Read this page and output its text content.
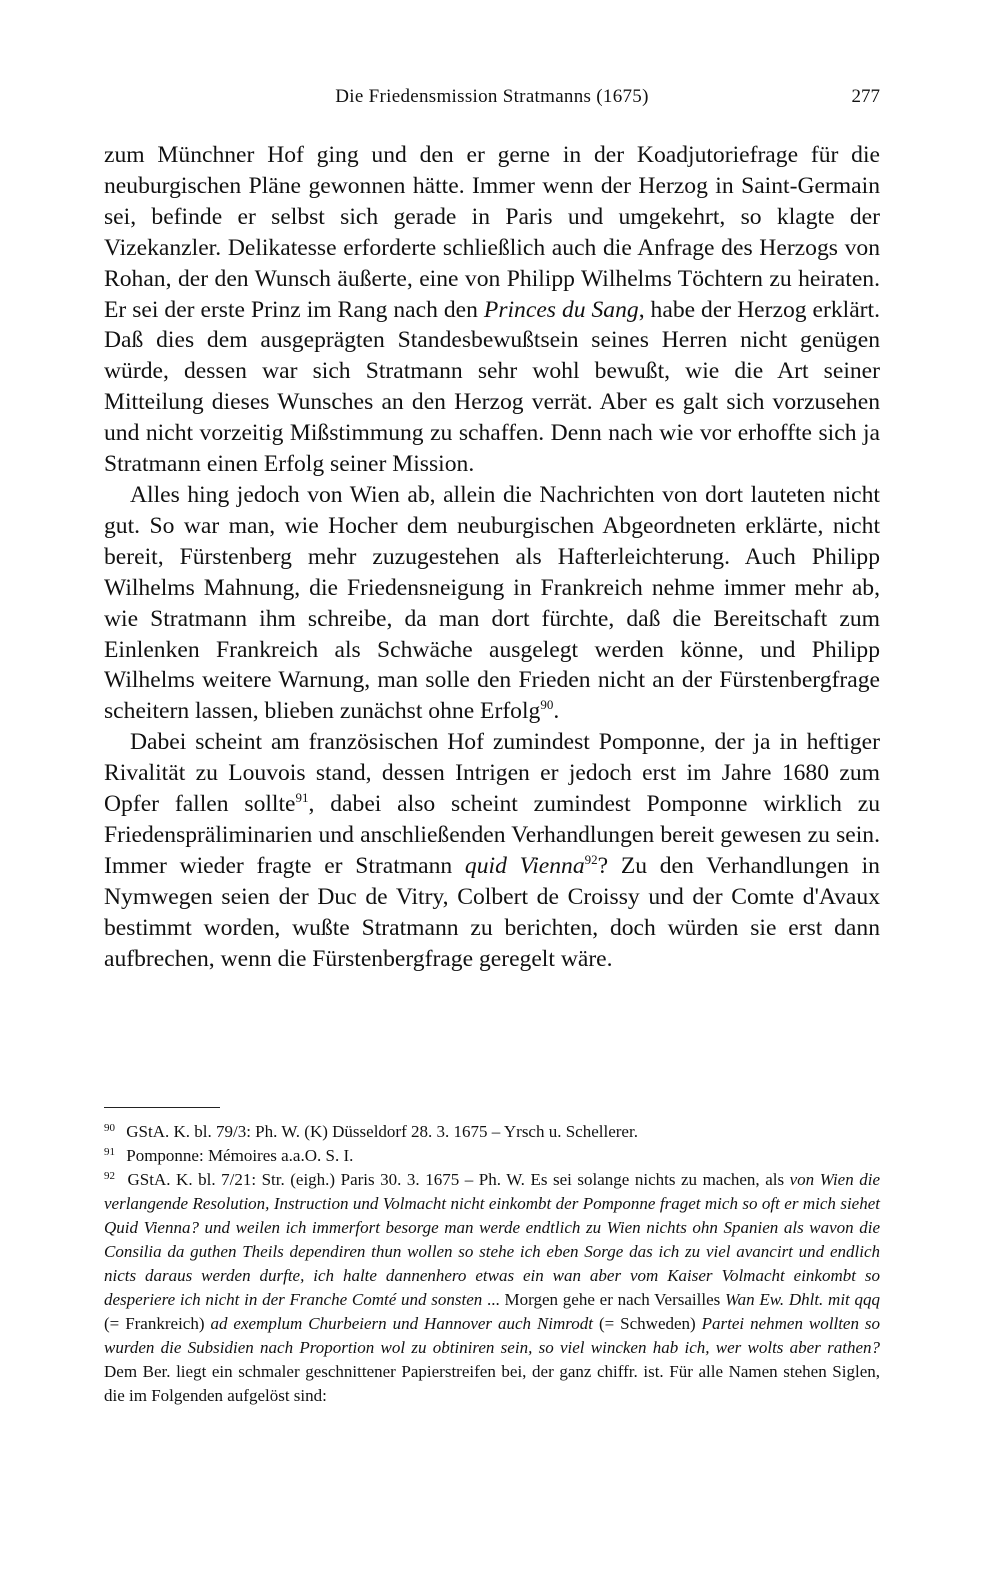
Die Friedensmission Stratmanns (1675)	277

zum Münchner Hof ging und den er gerne in der Koadjutoriefrage für die neuburgischen Pläne gewonnen hätte. Immer wenn der Herzog in Saint-Germain sei, befinde er selbst sich gerade in Paris und umgekehrt, so klagte der Vizekanzler. Delikatesse erforderte schließlich auch die Anfrage des Herzogs von Rohan, der den Wunsch äußerte, eine von Philipp Wilhelms Töchtern zu heiraten. Er sei der erste Prinz im Rang nach den Princes du Sang, habe der Herzog erklärt. Daß dies dem ausgeprägten Standesbewußtsein seines Herren nicht genügen würde, dessen war sich Stratmann sehr wohl bewußt, wie die Art seiner Mitteilung dieses Wunsches an den Herzog verrät. Aber es galt sich vorzusehen und nicht vorzeitig Mißstimmung zu schaffen. Denn nach wie vor erhoffte sich ja Stratmann einen Erfolg seiner Mission.

Alles hing jedoch von Wien ab, allein die Nachrichten von dort lauteten nicht gut. So war man, wie Hocher dem neuburgischen Abgeordneten erklärte, nicht bereit, Fürstenberg mehr zuzugestehen als Hafterleichterung. Auch Philipp Wilhelms Mahnung, die Friedensneigung in Frankreich nehme immer mehr ab, wie Stratmann ihm schreibe, da man dort fürchte, daß die Bereitschaft zum Einlenken Frankreich als Schwäche ausgelegt werden könne, und Philipp Wilhelms weitere Warnung, man solle den Frieden nicht an der Fürstenbergfrage scheitern lassen, blieben zunächst ohne Erfolg$^{90}$.

Dabei scheint am französischen Hof zumindest Pomponne, der ja in heftiger Rivalität zu Louvois stand, dessen Intrigen er jedoch erst im Jahre 1680 zum Opfer fallen sollte$^{91}$, dabei also scheint zumindest Pomponne wirklich zu Friedenspräliminarien und anschließenden Verhandlungen bereit gewesen zu sein. Immer wieder fragte er Stratmann quid Vienna$^{92}$? Zu den Verhandlungen in Nymwegen seien der Duc de Vitry, Colbert de Croissy und der Comte d'Avaux bestimmt worden, wußte Stratmann zu berichten, doch würden sie erst dann aufbrechen, wenn die Fürstenbergfrage geregelt wäre.

90 GStA. K. bl. 79/3: Ph. W. (K) Düsseldorf 28. 3. 1675 – Yrsch u. Schellerer.

91 Pomponne: Mémoires a.a.O. S. I.

92 GStA. K. bl. 7/21: Str. (eigh.) Paris 30. 3. 1675 – Ph. W. Es sei solange nichts zu machen, als von Wien die verlangende Resolution, Instruction und Volmacht nicht einkombt der Pomponne fraget mich so oft er mich siehet Quid Vienna? und weilen ich immerfort besorge man werde endtlich zu Wien nichts ohn Spanien als wavon die Consilia da guthen Theils dependiren thun wollen so stehe ich eben Sorge das ich zu viel avancirt und endlich nicts daraus werden durfte, ich halte dannenhero etwas ein wan aber vom Kaiser Volmacht einkombt so desperiere ich nicht in der Franche Comté und sonsten ... Morgen gehe er nach Versailles Wan Ew. Dhlt. mit qqq (= Frankreich) ad exemplum Churbeiern und Hannover auch Nimrodt (= Schweden) Partei nehmen wollten so wurden die Subsidien nach Proportion wol zu obtiniren sein, so viel wincken hab ich, wer wolts aber rathen? Dem Ber. liegt ein schmaler geschnittener Papierstreifen bei, der ganz chiffr. ist. Für alle Namen stehen Siglen, die im Folgenden aufgelöst sind:
